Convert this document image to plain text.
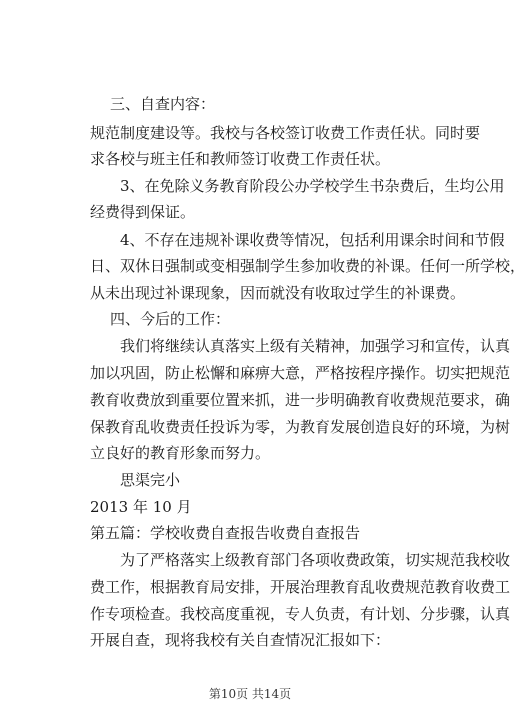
三、自查内容：
规范制度建设等。我校与各校签订收费工作责任状。同时要
求各校与班主任和教师签订收费工作责任状。
3、在免除义务教育阶段公办学校学生书杂费后，生均公用
经费得到保证。
4、不存在违规补课收费等情况，包括利用课余时间和节假
日、双休日强制或变相强制学生参加收费的补课。任何一所学校，
从未出现过补课现象，因而就没有收取过学生的补课费。
四、今后的工作：
我们将继续认真落实上级有关精神，加强学习和宣传，认真
加以巩固，防止松懈和麻痹大意，严格按程序操作。切实把规范
教育收费放到重要位置来抓，进一步明确教育收费规范要求，确
保教育乱收费责任投诉为零，为教育发展创造良好的环境，为树
立良好的教育形象而努力。
思渠完小
2013 年 10 月
第五篇：学校收费自查报告收费自查报告
为了严格落实上级教育部门各项收费政策，切实规范我校收
费工作，根据教育局安排，开展治理教育乱收费规范教育收费工
作专项检查。我校高度重视，专人负责，有计划、分步骤，认真
开展自查，现将我校有关自查情况汇报如下：
第10页 共14页
